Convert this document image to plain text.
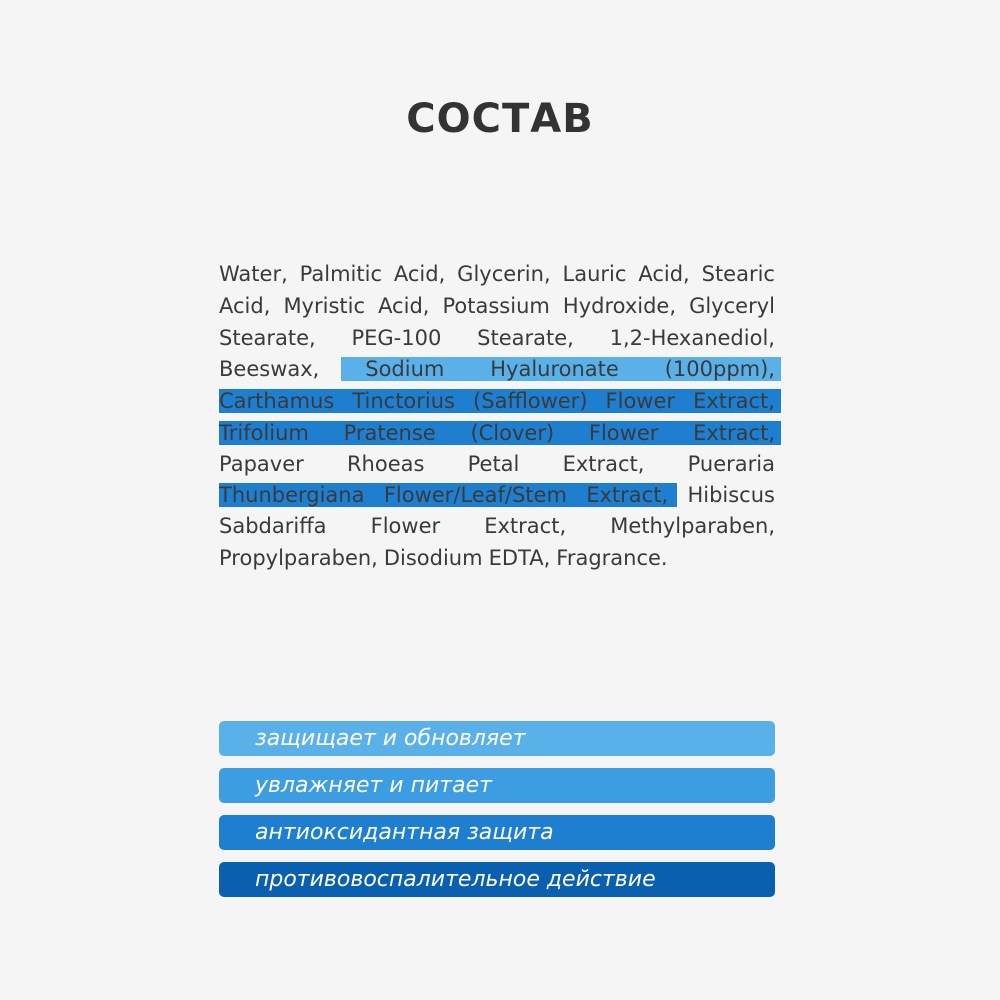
СОСТАВ
Water, Palmitic Acid, Glycerin, Lauric Acid, Stearic
Acid, Myristic Acid, Potassium Hydroxide, Glyceryl
Stearate, PEG-100 Stearate, 1,2-Hexanediol,
Beeswax, Sodium Hyaluronate (100ppm),
Carthamus Tinctorius (Safflower) Flower Extract,
Trifolium Pratense (Clover) Flower Extract,
Papaver Rhoeas Petal Extract, Pueraria
Thunbergiana Flower/Leaf/Stem Extract, Hibiscus
Sabdariffa Flower Extract, Methylparaben,
Propylparaben, Disodium EDTA, Fragrance.
защищает и обновляет
увлажняет и питает
антиоксидантная защита
противовоспалительное действие
